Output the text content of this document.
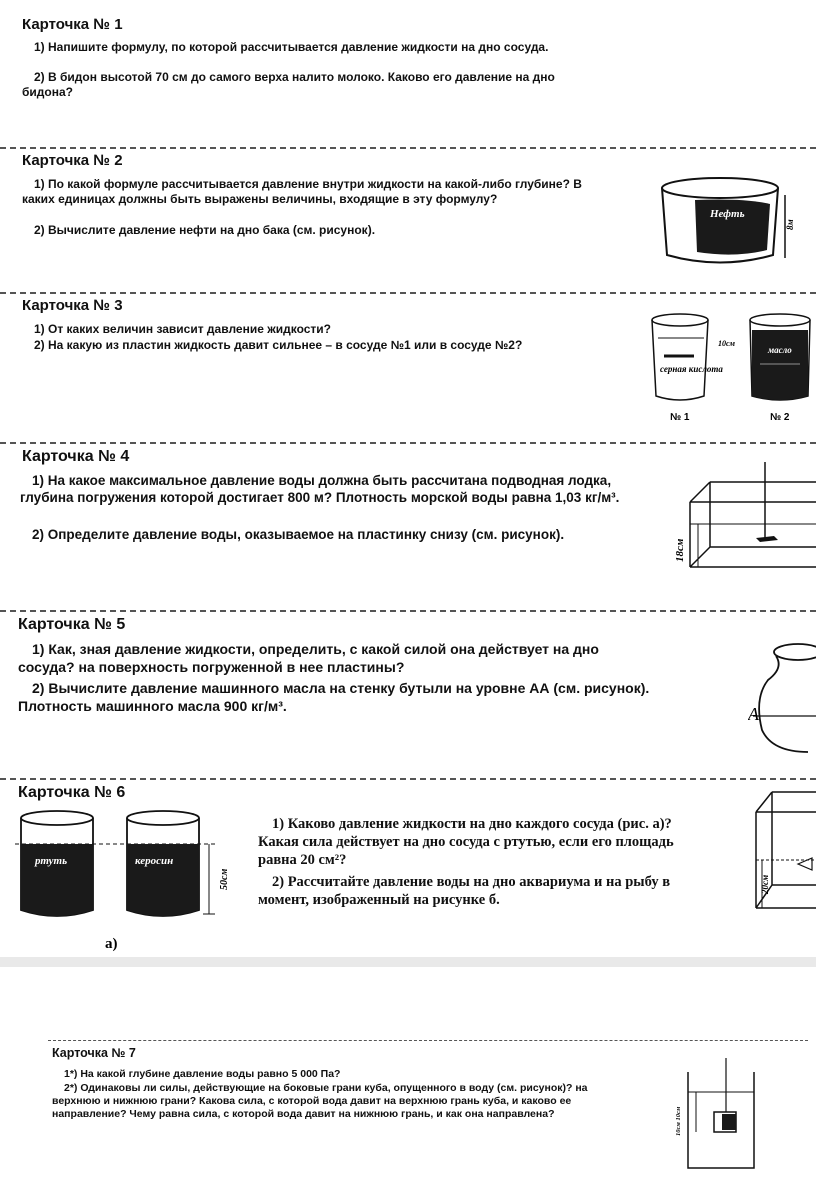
Карточка № 1
1) Напишите формулу, по которой рассчитывается давление жидкости на дно сосуда.
2) В бидон высотой 70 см до самого верха налито молоко. Каково его давление на дно бидона?
Карточка № 2
1) По какой формуле рассчитывается давление внутри жидкости на какой-либо глубине? В каких единицах должны быть выражены величины, входящие в эту формулу?
2) Вычислите давление нефти на дно бака (см. рисунок).
Нефть
8м
Карточка № 3
1) От каких величин зависит давление жидкости?
2) На какую из пластин жидкость давит сильнее – в сосуде №1 или в сосуде №2?
серная кислота
10см
масло
№ 1	№ 2
Карточка № 4
1) На какое максимальное давление воды должна быть рассчитана подводная лодка, глубина погружения которой достигает 800 м? Плотность морской воды равна 1,03 кг/м³.
2) Определите давление воды, оказываемое на пластинку снизу (см. рисунок).
18см
Карточка № 5
1) Как, зная давление жидкости, определить, с какой силой она действует на дно сосуда? на поверхность погруженной в нее пластины?
2) Вычислите давление машинного масла на стенку бутыли на уровне АА (см. рисунок). Плотность машинного масла 900 кг/м³.	A
Карточка № 6
ртуть	керосин
50см
а)
1) Каково давление жидкости на дно каждого сосуда (рис. а)? Какая сила действует на дно сосуда с ртутью, если его площадь равна 20 см²?
2) Рассчитайте давление воды на дно аквариума и на рыбу в момент, изображенный на рисунке б.
20см
Карточка № 7
1*) На какой глубине давление воды равно 5 000 Па?
2*) Одинаковы ли силы, действующие на боковые грани куба, опущенного в воду (см. рисунок)? на верхнюю и нижнюю грани? Какова сила, с которой вода давит на верхнюю грань куба, и каково ее направление? Чему равна сила, с которой вода давит на нижнюю грань, и как она направлена?	10см 10см
